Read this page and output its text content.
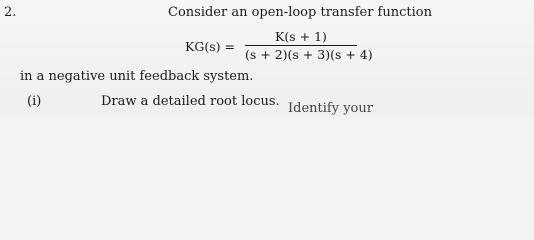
2.	Consider an open-loop transfer function
KG(s) =
K(s + 1)
(s + 2)(s + 3)(s + 4)
in a negative unit feedback system.
(i)	Draw a detailed root locus. Identify your
